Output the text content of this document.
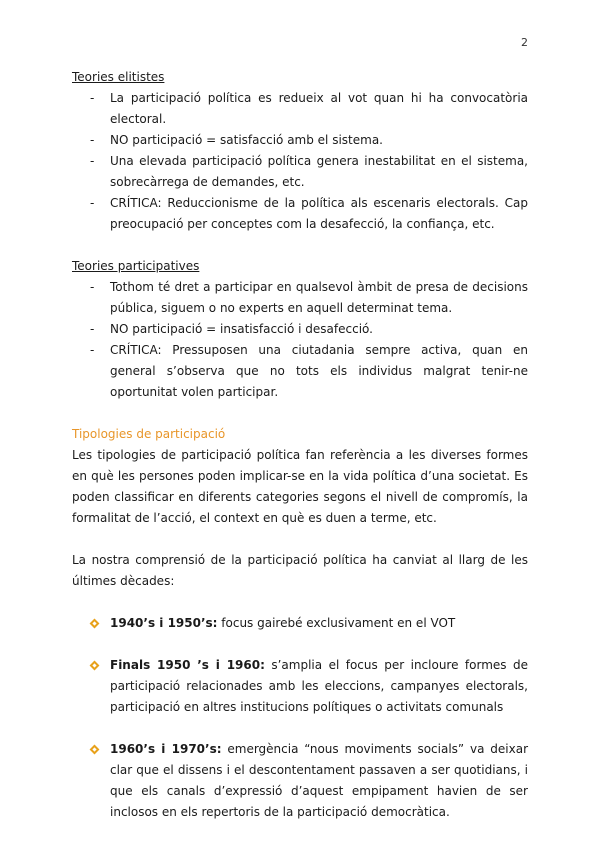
2

Teories elitistes

- La participació política es redueix al vot quan hi ha convocatòria electoral.
- NO participació = satisfacció amb el sistema.
- Una elevada participació política genera inestabilitat en el sistema, sobrecàrrega de demandes, etc.
- CRÍTICA: Reduccionisme de la política als escenaris electorals. Cap preocupació per conceptes com la desafecció, la confiança, etc.

Teories participatives

- Tothom té dret a participar en qualsevol àmbit de presa de decisions pública, siguem o no experts en aquell determinat tema.
- NO participació = insatisfacció i desafecció.
- CRÍTICA: Pressuposen una ciutadania sempre activa, quan en general s’observa que no tots els individus malgrat tenir-ne oportunitat volen participar.

Tipologies de participació

Les tipologies de participació política fan referència a les diverses formes en què les persones poden implicar-se en la vida política d’una societat. Es poden classificar en diferents categories segons el nivell de compromís, la formalitat de l’acció, el context en què es duen a terme, etc.

La nostra comprensió de la participació política ha canviat al llarg de les últimes dècades:

1940’s i 1950’s: focus gairebé exclusivament en el VOT
Finals 1950 ’s i 1960: s’amplia el focus per incloure formes de participació relacionades amb les eleccions, campanyes electorals, participació en altres institucions polítiques o activitats comunals
1960’s i 1970’s: emergència “nous moviments socials” va deixar clar que el dissens i el descontentament passaven a ser quotidians, i que els canals d’expressió d’aquest empipament havien de ser inclosos en els repertoris de la participació democràtica.
